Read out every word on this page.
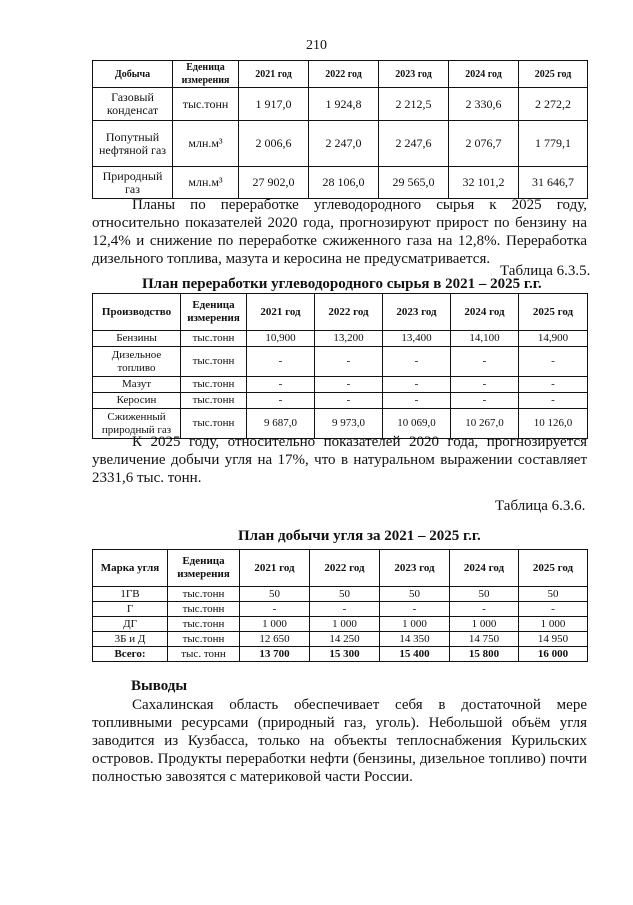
210
Добыча	Еденица измерения	2021 год	2022 год	2023 год	2024 год	2025 год
Газовый конденсат	тыс.тонн	1 917,0	1 924,8	2 212,5	2 330,6	2 272,2
Попутный нефтяной газ	млн.м³	2 006,6	2 247,0	2 247,6	2 076,7	1 779,1
Природный газ	млн.м³	27 902,0	28 106,0	29 565,0	32 101,2	31 646,7
Планы по переработке углеводородного сырья к 2025 году, относительно показателей 2020 года, прогнозируют прирост по бензину на 12,4% и снижение по переработке сжиженного газа на 12,8%. Переработка дизельного топлива, мазута и керосина не предусматривается.
Таблица 6.3.5.
План переработки углеводородного сырья в 2021 – 2025 г.г.
Производство	Еденица измерения	2021 год	2022 год	2023 год	2024 год	2025 год
Бензины	тыс.тонн	10,900	13,200	13,400	14,100	14,900
Дизельное топливо	тыс.тонн	-	-	-	-	-
Мазут	тыс.тонн	-	-	-	-	-
Керосин	тыс.тонн	-	-	-	-	-
Сжиженный природный газ	тыс.тонн	9 687,0	9 973,0	10 069,0	10 267,0	10 126,0
К 2025 году, относительно показателей 2020 года, прогнозируется увеличение добычи угля на 17%, что в натуральном выражении составляет 2331,6 тыс. тонн.
Таблица 6.3.6.
План добычи угля за 2021 – 2025 г.г.
Марка угля	Еденица измерения	2021 год	2022 год	2023 год	2024 год	2025 год
1ГВ	тыс.тонн	50	50	50	50	50
Г	тыс.тонн	-	-	-	-	-
ДГ	тыс.тонн	1 000	1 000	1 000	1 000	1 000
3Б и Д	тыс.тонн	12 650	14 250	14 350	14 750	14 950
Всего:	тыс. тонн	13 700	15 300	15 400	15 800	16 000
Выводы
Сахалинская область обеспечивает себя в достаточной мере топливными ресурсами (природный газ, уголь). Небольшой объём угля заводится из Кузбасса, только на объекты теплоснабжения Курильских островов. Продукты переработки нефти (бензины, дизельное топливо) почти полностью завозятся с материковой части России.
